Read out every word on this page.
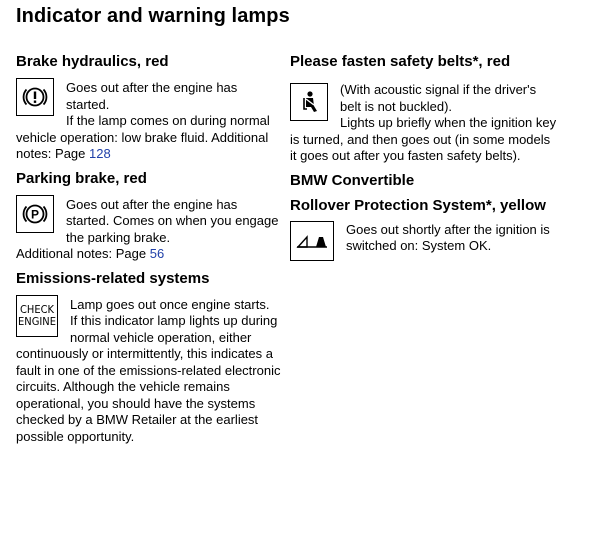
Indicator and warning lamps
Brake hydraulics, red

Goes out after the engine has started.
If the lamp comes on during normal vehicle operation: low brake fluid. Additional notes: Page 128

Parking brake, red
P

Goes out after the engine has started. Comes on when you engage the parking brake.
Additional notes: Page 56

Emissions-related systems
CHECK
ENGINE

Lamp goes out once engine starts.
If this indicator lamp lights up during normal vehicle operation, either continuously or intermittently, this indicates a fault in one of the emissions-related electronic circuits. Although the vehicle remains operational, you should have the systems checked by a BMW Retailer at the earliest possible opportunity.

Please fasten safety belts*, red

(With acoustic signal if the driver's belt is not buckled).
Lights up briefly when the ignition key is turned, and then goes out (in some models it goes out after you fasten safety belts).

BMW Convertible
Rollover Protection System*, yellow

Goes out shortly after the ignition is switched on: System OK.
